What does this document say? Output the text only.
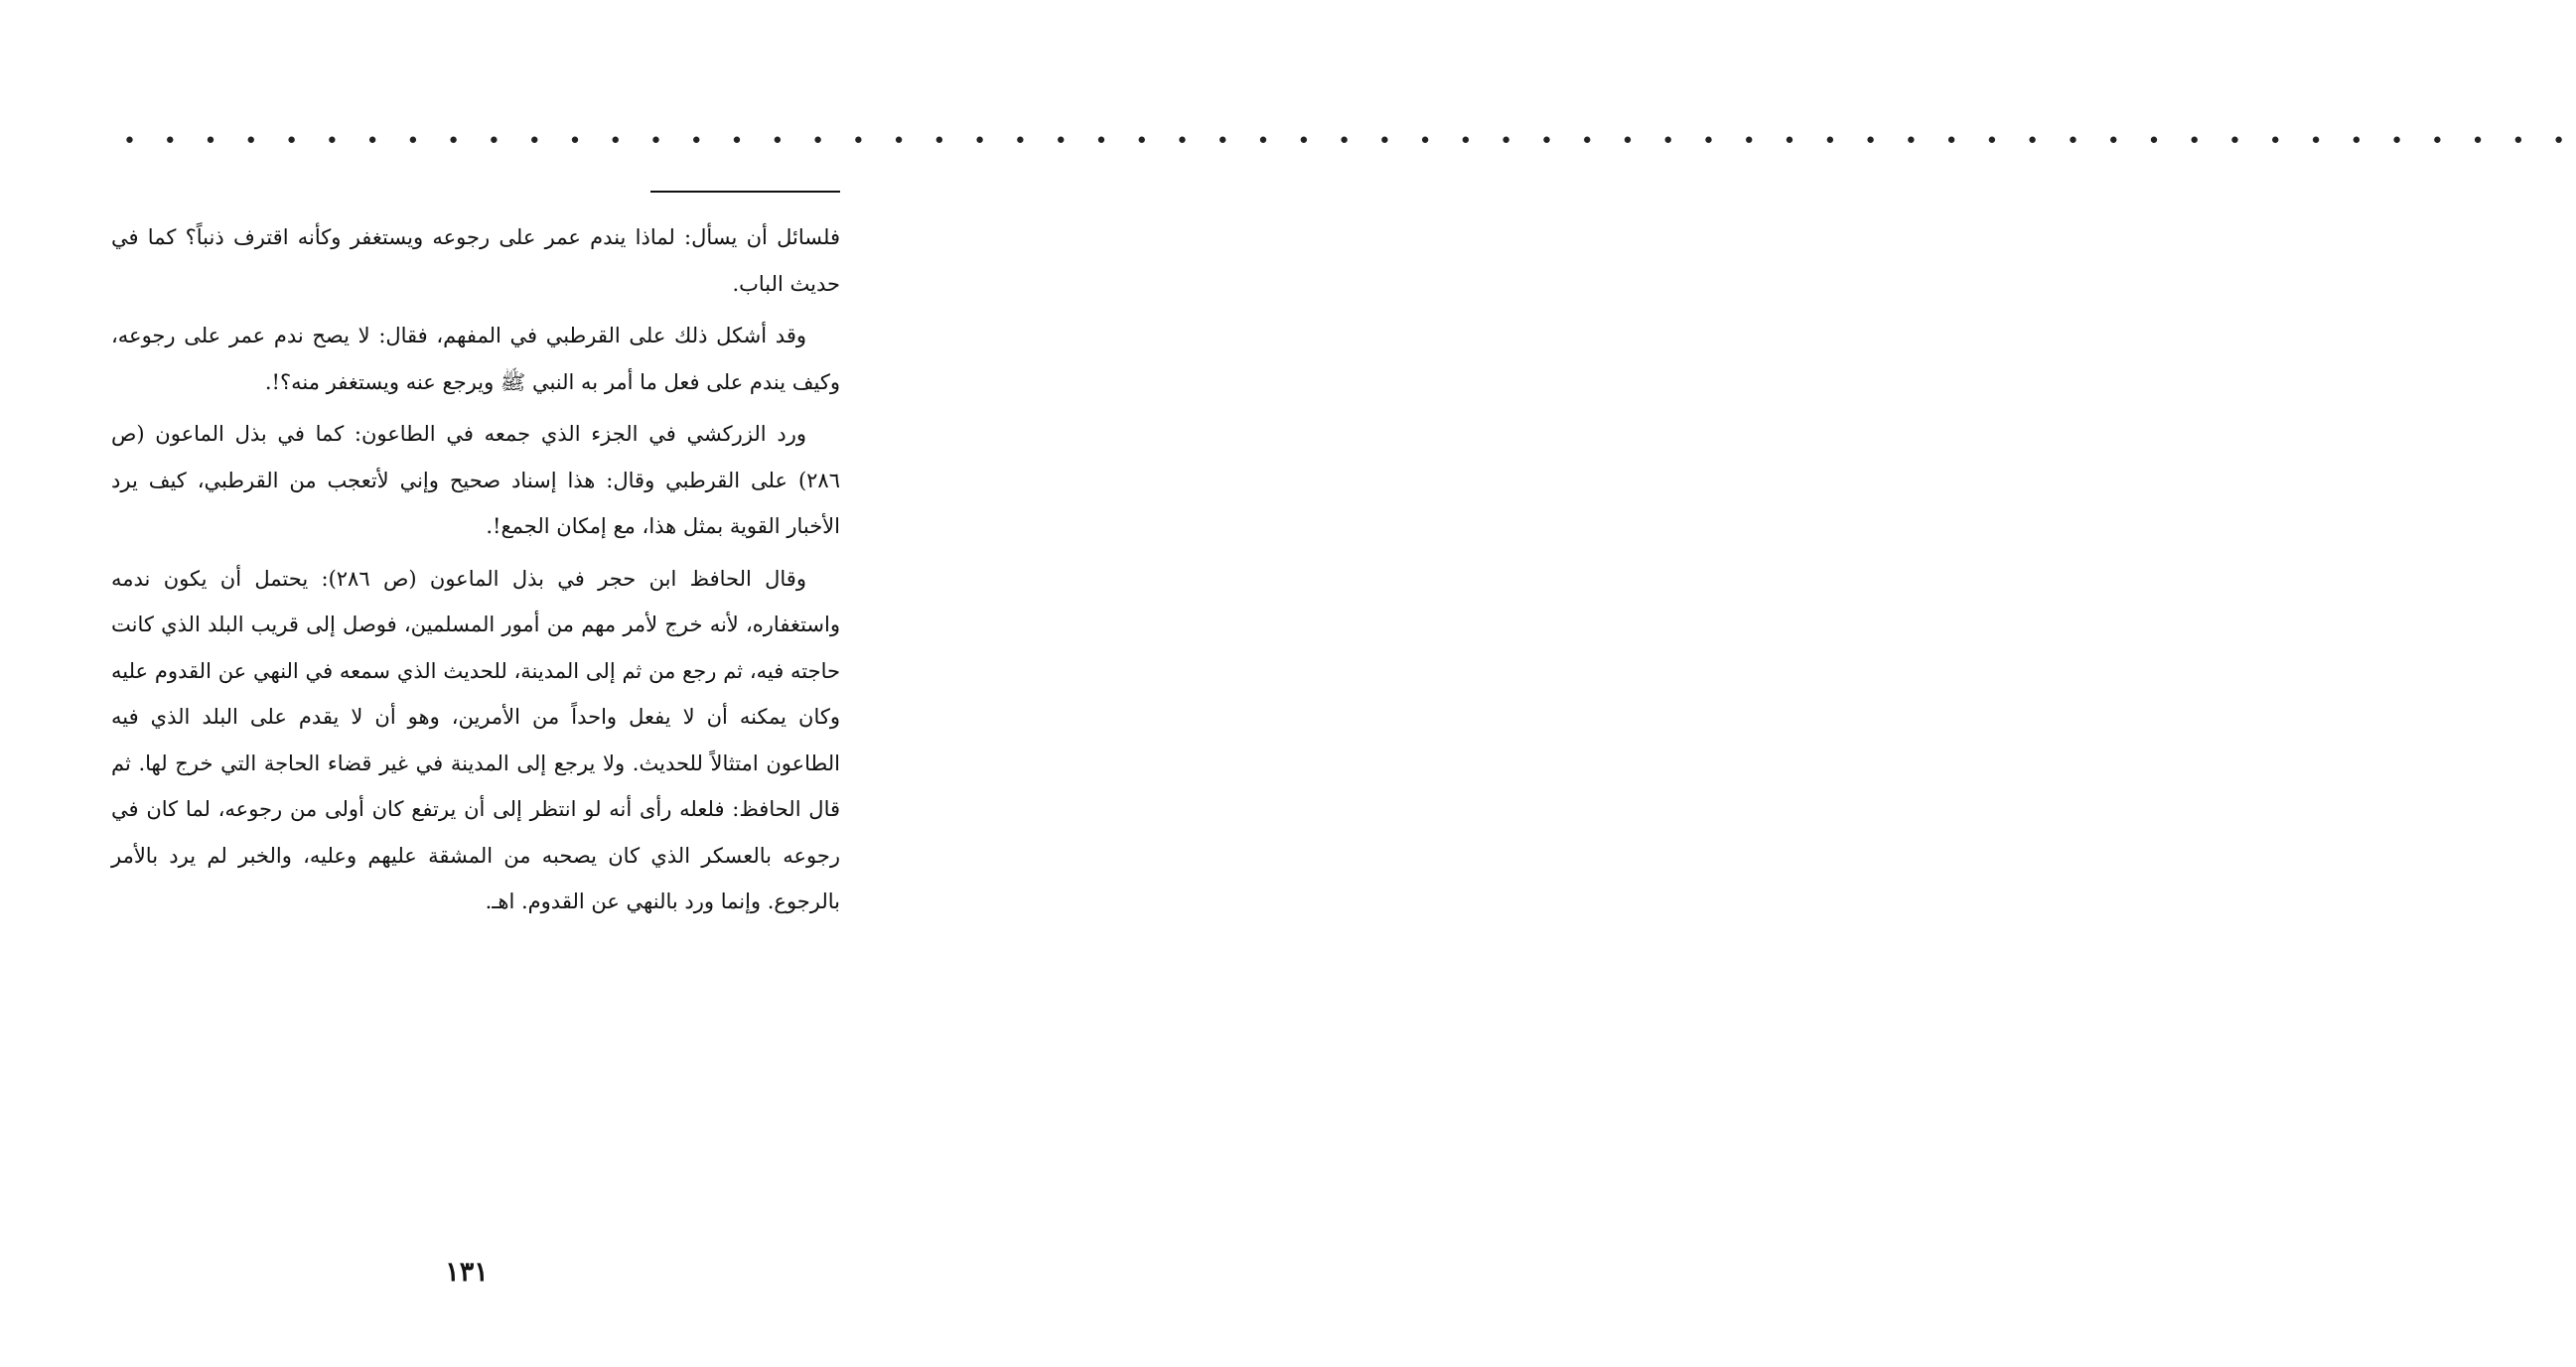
• • • • • • • • • • • • • • • • • • • • • • • • • • • • • • • • • • • • • • • • • • • • • • • • • • • • • • • • • • • • •

فلسائل أن يسأل: لماذا يندم عمر على رجوعه ويستغفر وكأنه اقترف ذنباً؟ كما في حديث الباب.

وقد أشكل ذلك على القرطبي في المفهم، فقال: لا يصح ندم عمر على رجوعه، وكيف يندم على فعل ما أمر به النبي ﷺ ويرجع عنه ويستغفر منه؟!.

ورد الزركشي في الجزء الذي جمعه في الطاعون: كما في بذل الماعون (ص ٢٨٦) على القرطبي وقال: هذا إسناد صحيح وإني لأتعجب من القرطبي، كيف يرد الأخبار القوية بمثل هذا، مع إمكان الجمع!.

وقال الحافظ ابن حجر في بذل الماعون (ص ٢٨٦): يحتمل أن يكون ندمه واستغفاره، لأنه خرج لأمر مهم من أمور المسلمين، فوصل إلى قريب البلد الذي كانت حاجته فيه، ثم رجع من ثم إلى المدينة، للحديث الذي سمعه في النهي عن القدوم عليه وكان يمكنه أن لا يفعل واحداً من الأمرين، وهو أن لا يقدم على البلد الذي فيه الطاعون امتثالاً للحديث. ولا يرجع إلى المدينة في غير قضاء الحاجة التي خرج لها. ثم قال الحافظ: فلعله رأى أنه لو انتظر إلى أن يرتفع كان أولى من رجوعه، لما كان في رجوعه بالعسكر الذي كان يصحبه من المشقة عليهم وعليه، والخبر لم يرد بالأمر بالرجوع. وإنما ورد بالنهي عن القدوم. اهـ.

١٣١
